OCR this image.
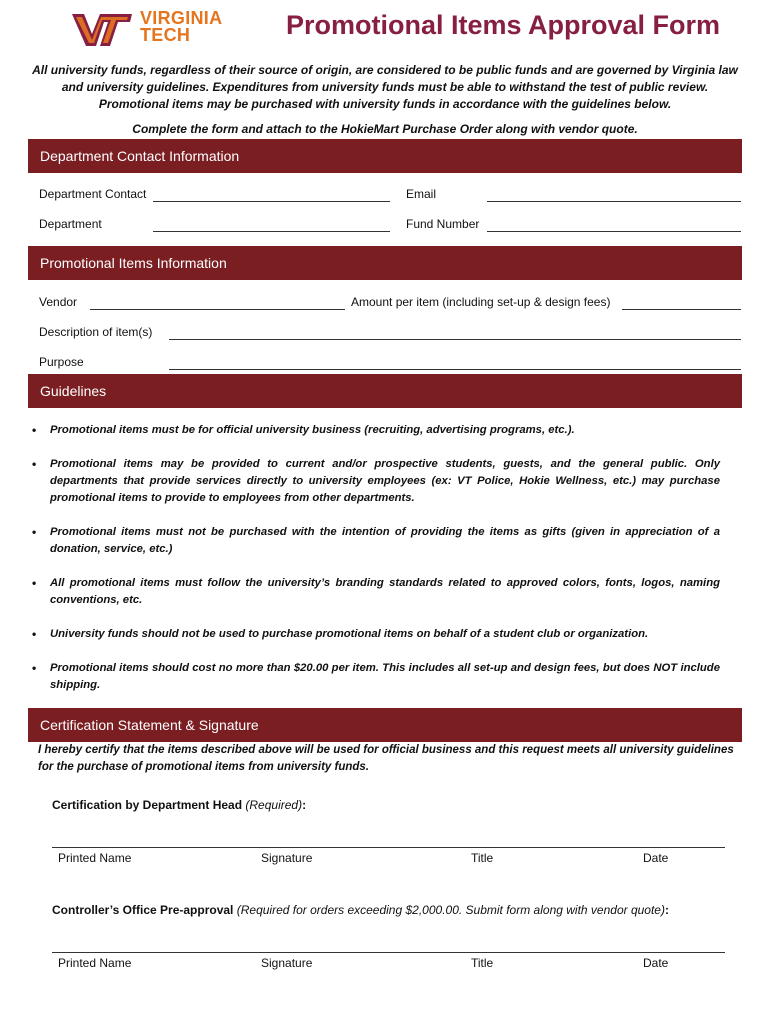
VIRGINIA
TECH	Promotional Items Approval Form

All university funds, regardless of their source of origin, are considered to be public funds and are governed by Virginia law

and university guidelines. Expenditures from university funds must be able to withstand the test of public review.

Promotional items may be purchased with university funds in accordance with the guidelines below.

Complete the form and attach to the HokieMart Purchase Order along with vendor quote.
Department Contact Information
Department Contact	Email
Department	Fund Number
Promotional Items Information
Vendor	Amount per item (including set-up & design fees)
Description of item(s)
Purpose
Guidelines
• Promotional items must be for official university business (recruiting, advertising programs, etc.).
• Promotional items may be provided to current and/or prospective students, guests, and the general public. Only departments that provide services directly to university employees (ex: VT Police, Hokie Wellness, etc.) may purchase promotional items to provide to employees from other departments.
• Promotional items must not be purchased with the intention of providing the items as gifts (given in appreciation of a donation, service, etc.)
• All promotional items must follow the university’s branding standards related to approved colors, fonts, logos, naming conventions, etc.
• University funds should not be used to purchase promotional items on behalf of a student club or organization.
• Promotional items should cost no more than $20.00 per item. This includes all set-up and design fees, but does NOT include shipping.
Certification Statement & Signature
I hereby certify that the items described above will be used for official business and this request meets all university guidelines for the purchase of promotional items from university funds.
Certification by Department Head (Required):
Printed Name	Signature	Title	Date
Controller’s Office Pre-approval (Required for orders exceeding $2,000.00. Submit form along with vendor quote):
Printed Name	Signature	Title	Date
